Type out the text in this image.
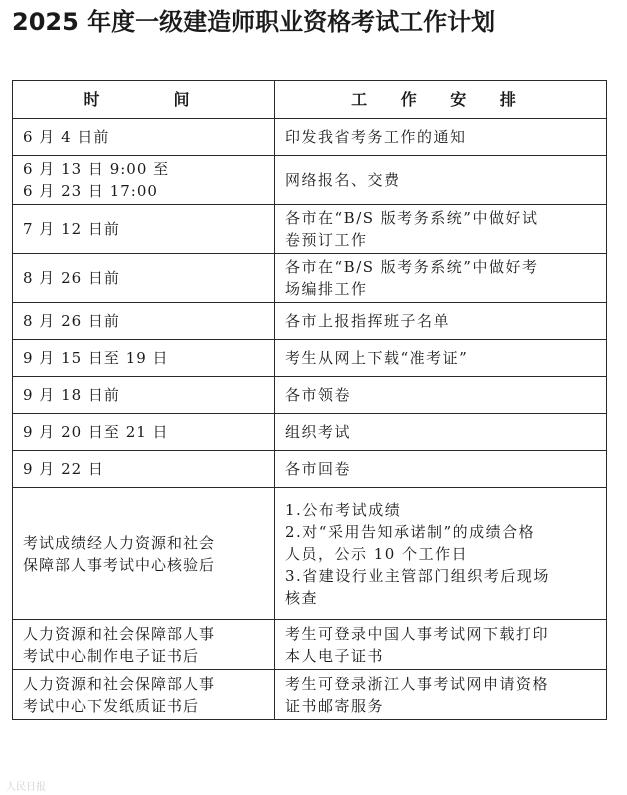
2025 年度一级建造师职业资格考试工作计划
时　　间	工 作 安 排

6 月 4 日前	印发我省考务工作的通知

6 月 13 日 9:00 至
6 月 23 日 17:00	网络报名、交费

7 月 12 日前	各市在“B/S 版考务系统”中做好试
卷预订工作

8 月 26 日前	各市在“B/S 版考务系统”中做好考
场编排工作

8 月 26 日前	各市上报指挥班子名单

9 月 15 日至 19 日	考生从网上下载“准考证”

9 月 18 日前	各市领卷

9 月 20 日至 21 日	组织考试

9 月 22 日	各市回卷

考试成绩经人力资源和社会
保障部人事考试中心核验后	1.公布考试成绩
2.对“采用告知承诺制”的成绩合格
人员，公示 10 个工作日
3.省建设行业主管部门组织考后现场
核查

人力资源和社会保障部人事
考试中心制作电子证书后	考生可登录中国人事考试网下载打印
本人电子证书

人力资源和社会保障部人事
考试中心下发纸质证书后	考生可登录浙江人事考试网申请资格
证书邮寄服务
人民日报
